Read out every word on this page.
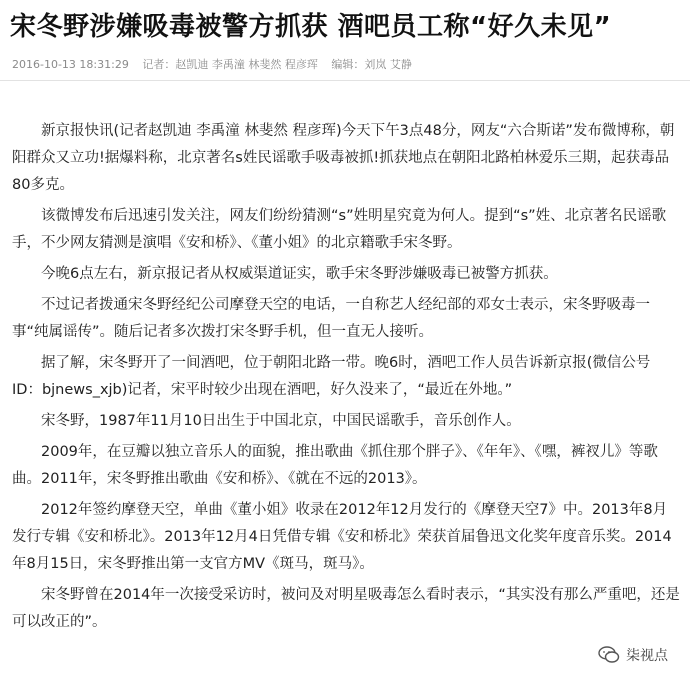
宋冬野涉嫌吸毒被警方抓获 酒吧员工称“好久未见”
2016-10-13 18:31:29 记者：赵凯迪 李禹潼 林斐然 程彦珲 编辑：刘岚 艾静

新京报快讯(记者赵凯迪 李禹潼 林斐然 程彦珲)今天下午3点48分，网友“六合斯诺”发布微博称，朝阳群众又立功!据爆料称，北京著名s姓民谣歌手吸毒被抓!抓获地点在朝阳北路柏林爱乐三期，起获毒品80多克。

该微博发布后迅速引发关注，网友们纷纷猜测“s”姓明星究竟为何人。提到“s”姓、北京著名民谣歌手，不少网友猜测是演唱《安和桥》、《董小姐》的北京籍歌手宋冬野。

今晚6点左右，新京报记者从权威渠道证实，歌手宋冬野涉嫌吸毒已被警方抓获。

不过记者拨通宋冬野经纪公司摩登天空的电话，一自称艺人经纪部的邓女士表示，宋冬野吸毒一事“纯属谣传”。随后记者多次拨打宋冬野手机，但一直无人接听。

据了解，宋冬野开了一间酒吧，位于朝阳北路一带。晚6时，酒吧工作人员告诉新京报(微信公号ID：bjnews_xjb)记者，宋平时较少出现在酒吧，好久没来了，“最近在外地。”

宋冬野，1987年11月10日出生于中国北京，中国民谣歌手，音乐创作人。

2009年，在豆瓣以独立音乐人的面貌，推出歌曲《抓住那个胖子》、《年年》、《嘿，裤衩儿》等歌曲。2011年，宋冬野推出歌曲《安和桥》、《就在不远的2013》。

2012年签约摩登天空，单曲《董小姐》收录在2012年12月发行的《摩登天空7》中。2013年8月发行专辑《安和桥北》。2013年12月4日凭借专辑《安和桥北》荣获首届鲁迅文化奖年度音乐奖。2014年8月15日，宋冬野推出第一支官方MV《斑马，斑马》。

宋冬野曾在2014年一次接受采访时，被问及对明星吸毒怎么看时表示，“其实没有那么严重吧，还是可以改正的”。

柒视点
